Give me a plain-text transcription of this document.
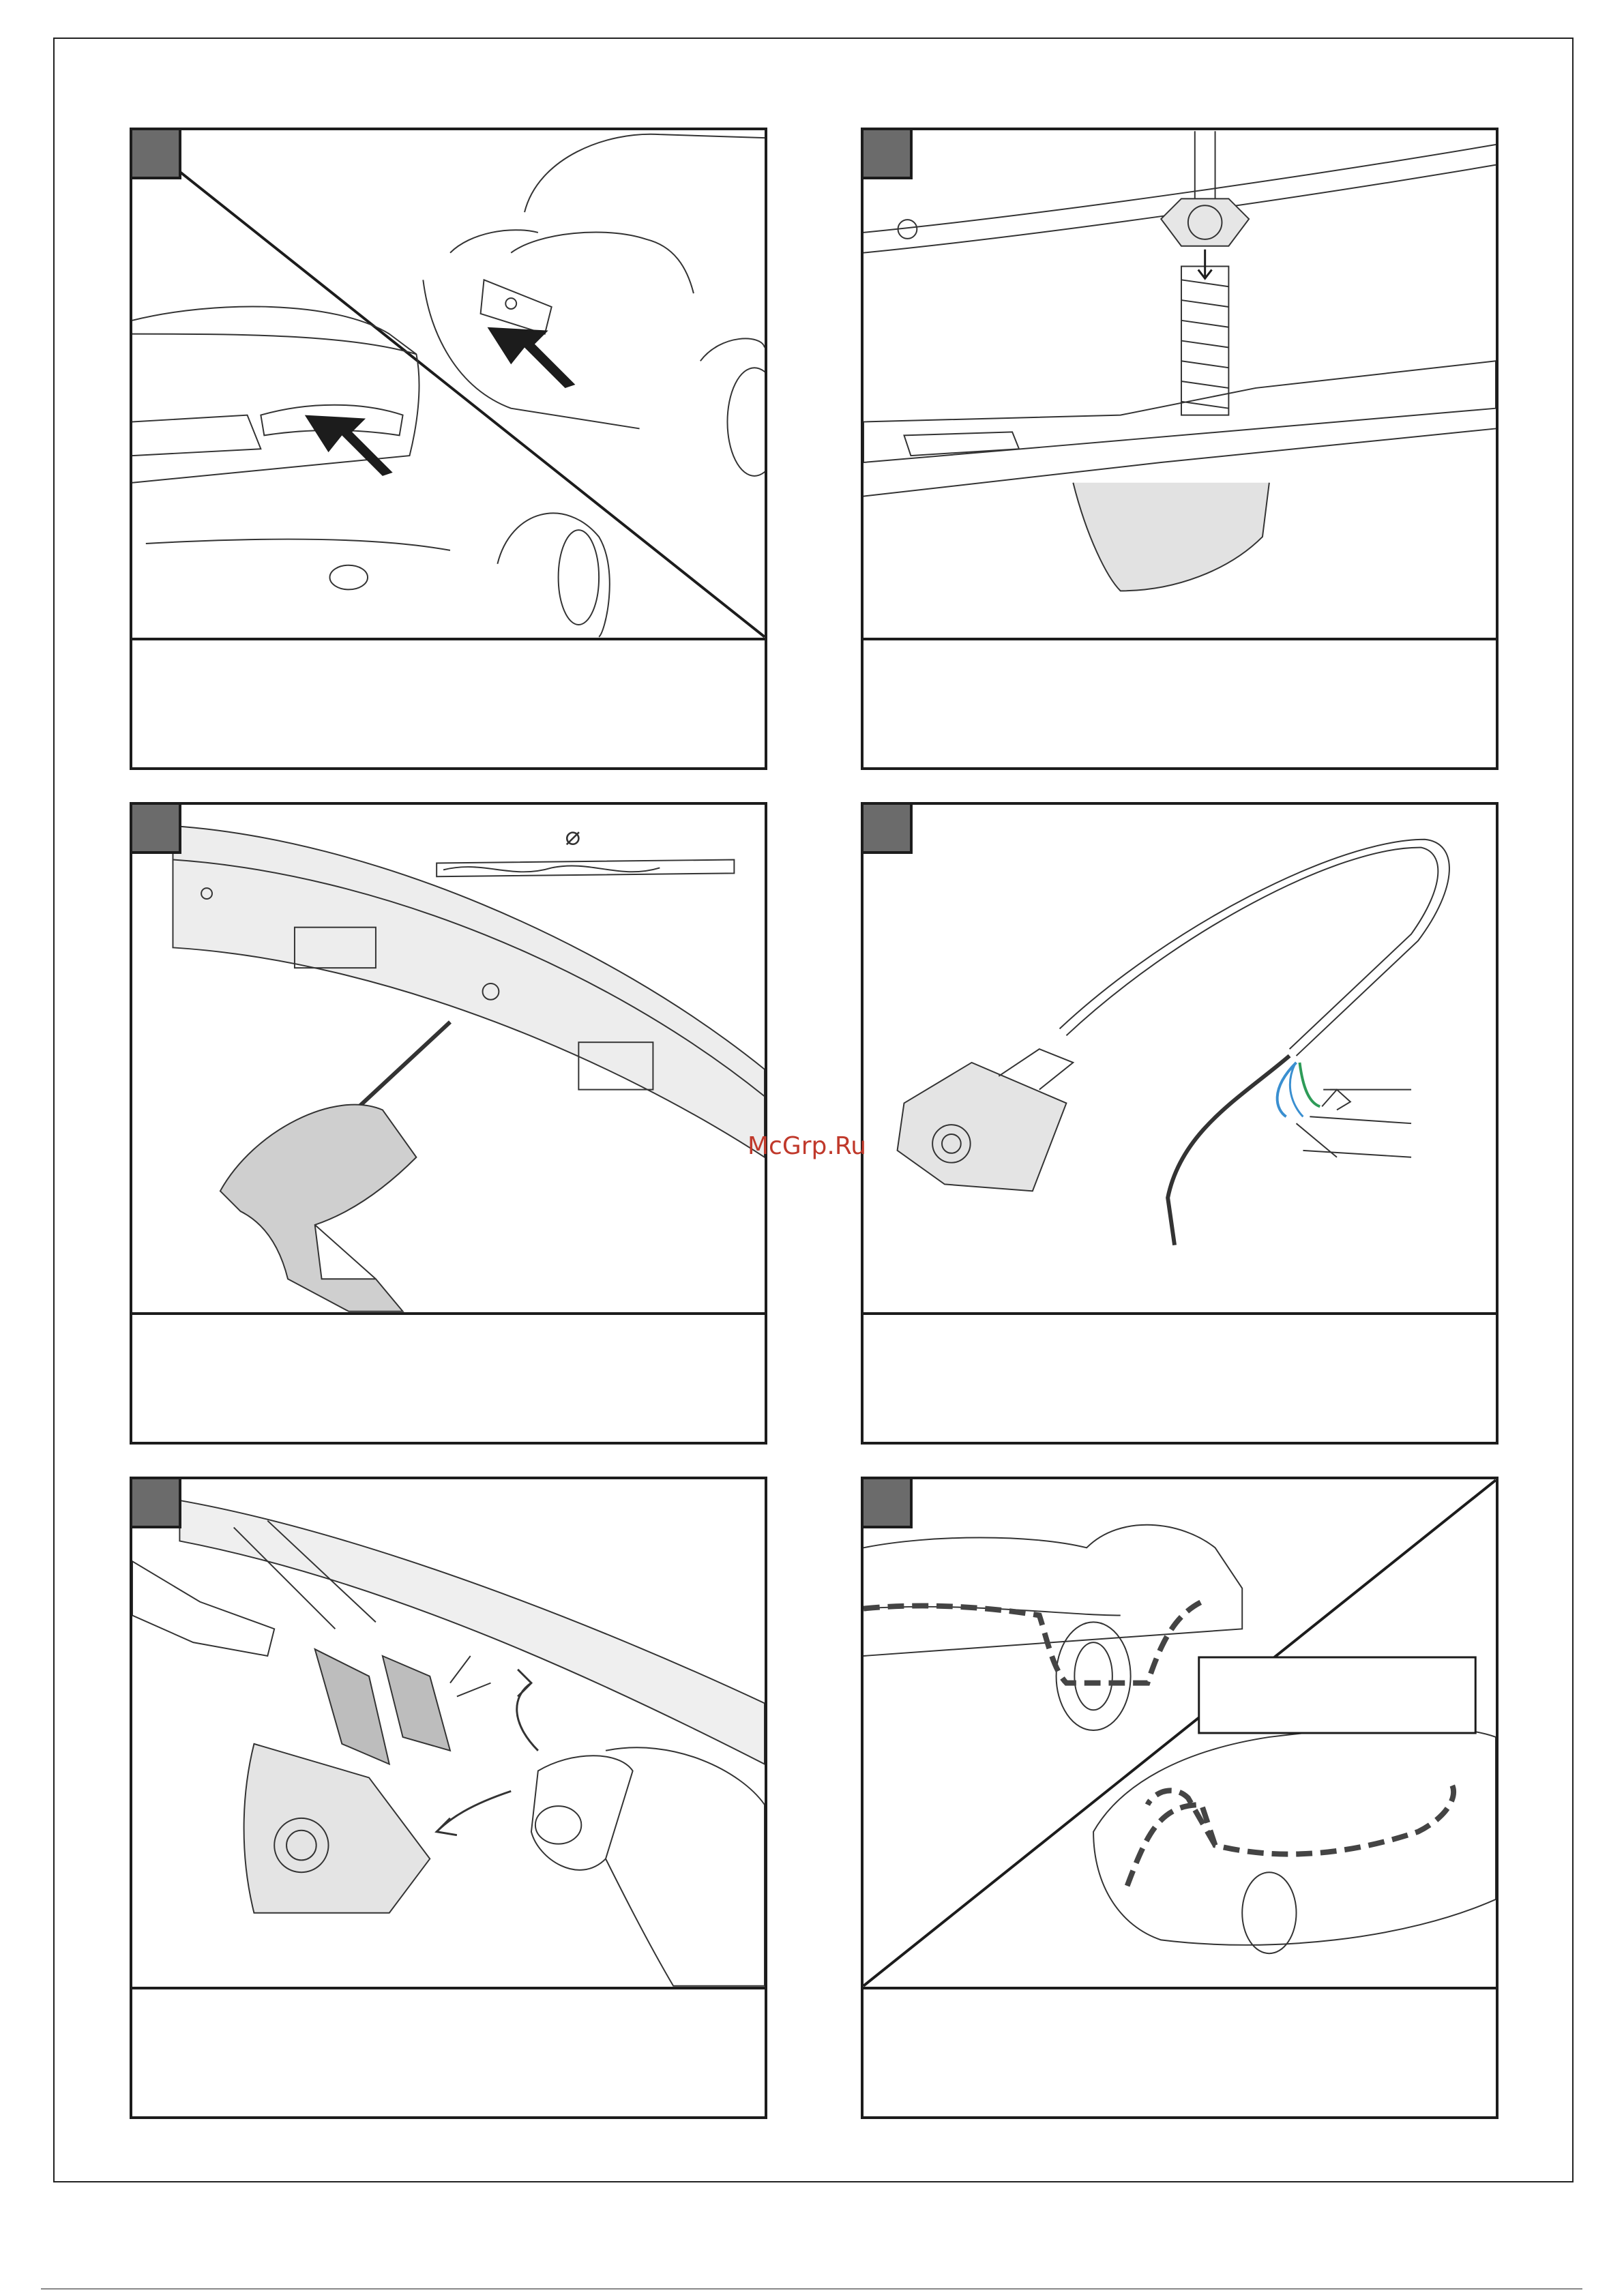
⌀
McGrp.Ru
